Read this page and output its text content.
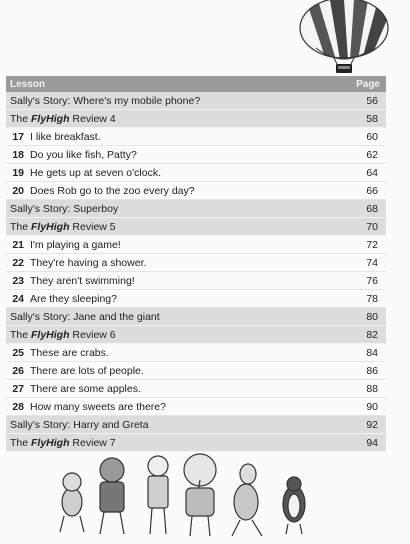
Lesson	Page
Sally's Story: Where's my mobile phone?	56
The FlyHigh Review 4	58
17 I like breakfast.	60
18 Do you like fish, Patty?	62
19 He gets up at seven o'clock.	64
20 Does Rob go to the zoo every day?	66
Sally's Story: Superboy	68
The FlyHigh Review 5	70
21 I'm playing a game!	72
22 They're having a shower.	74
23 They aren't swimming!	76
24 Are they sleeping?	78
Sally's Story: Jane and the giant	80
The FlyHigh Review 6	82
25 These are crabs.	84
26 There are lots of people.	86
27 There are some apples.	88
28 How many sweets are there?	90
Sally's Story: Harry and Greta	92
The FlyHigh Review 7	94
